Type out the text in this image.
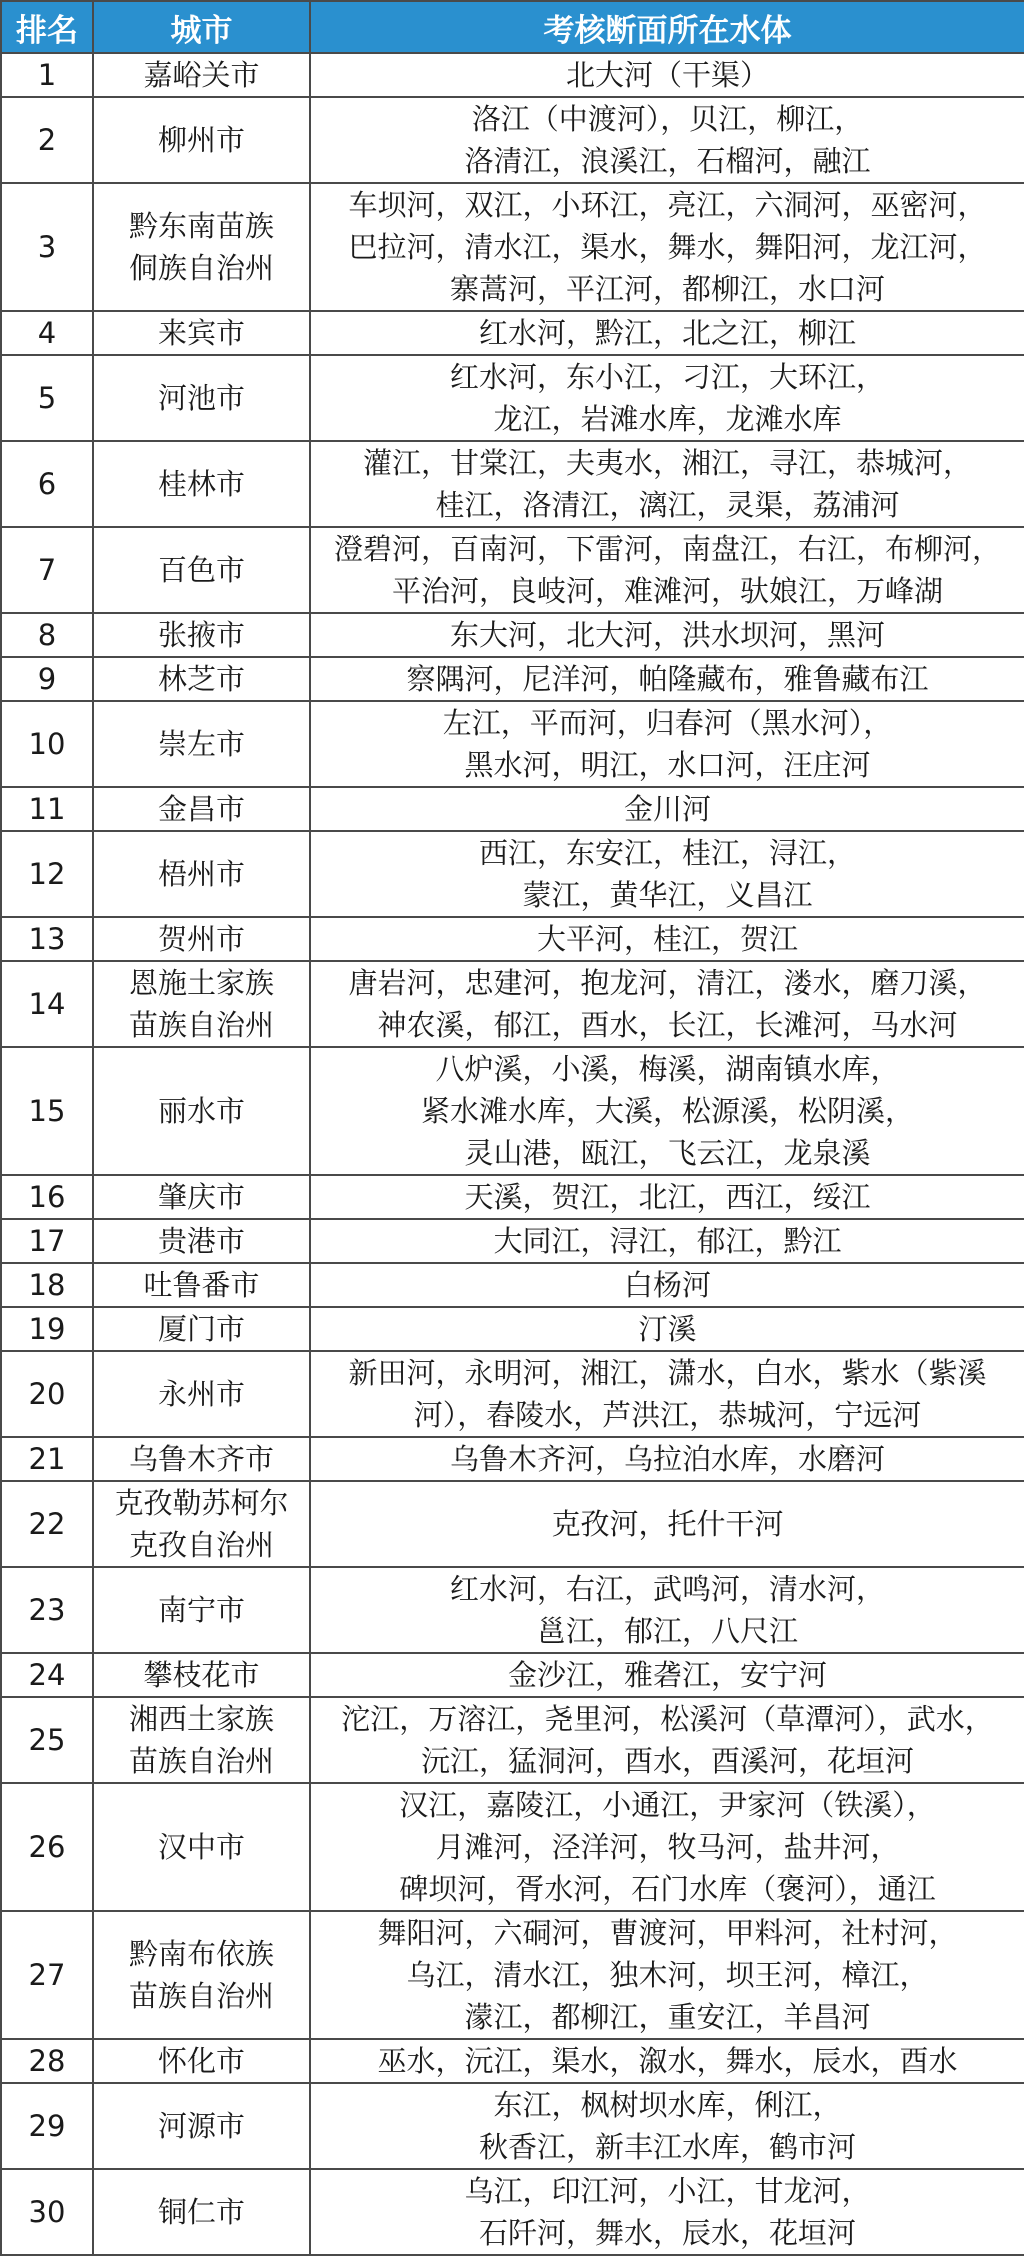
排名	城市	考核断面所在水体
1	嘉峪关市	北大河（干渠）
2	柳州市	洛江（中渡河），贝江，柳江，
洛清江，浪溪江，石榴河，融江
3	黔东南苗族
侗族自治州	车坝河，双江，小环江，亮江，六洞河，巫密河，
巴拉河，清水江，渠水，舞水，舞阳河，龙江河，
寨蒿河，平江河，都柳江，水口河
4	来宾市	红水河，黔江，北之江，柳江
5	河池市	红水河，东小江，刁江，大环江，
龙江，岩滩水库，龙滩水库
6	桂林市	灌江，甘棠江，夫夷水，湘江，寻江，恭城河，
桂江，洛清江，漓江，灵渠，荔浦河
7	百色市	澄碧河，百南河，下雷河，南盘江，右江，布柳河，
平治河，良岐河，难滩河，驮娘江，万峰湖
8	张掖市	东大河，北大河，洪水坝河，黑河
9	林芝市	察隅河，尼洋河，帕隆藏布，雅鲁藏布江
10	崇左市	左江，平而河，归春河（黑水河），
黑水河，明江，水口河，汪庄河
11	金昌市	金川河
12	梧州市	西江，东安江，桂江，浔江，
蒙江，黄华江，义昌江
13	贺州市	大平河，桂江，贺江
14	恩施土家族
苗族自治州	唐岩河，忠建河，抱龙河，清江，溇水，磨刀溪，
神农溪，郁江，酉水，长江，长滩河，马水河
15	丽水市	八炉溪，小溪，梅溪，湖南镇水库，
紧水滩水库，大溪，松源溪，松阴溪，
灵山港，瓯江，飞云江，龙泉溪
16	肇庆市	天溪，贺江，北江，西江，绥江
17	贵港市	大同江，浔江，郁江，黔江
18	吐鲁番市	白杨河
19	厦门市	汀溪
20	永州市	新田河，永明河，湘江，潇水，白水，紫水（紫溪
河），舂陵水，芦洪江，恭城河，宁远河
21	乌鲁木齐市	乌鲁木齐河，乌拉泊水库，水磨河
22	克孜勒苏柯尔
克孜自治州	克孜河，托什干河
23	南宁市	红水河，右江，武鸣河，清水河，
邕江，郁江，八尺江
24	攀枝花市	金沙江，雅砻江，安宁河
25	湘西土家族
苗族自治州	沱江，万溶江，尧里河，松溪河（草潭河），武水，
沅江，猛洞河，酉水，酉溪河，花垣河
26	汉中市	汉江，嘉陵江，小通江，尹家河（铁溪），
月滩河，泾洋河，牧马河，盐井河，
碑坝河，胥水河，石门水库（褒河），通江
27	黔南布依族
苗族自治州	舞阳河，六硐河，曹渡河，甲料河，社村河，
乌江，清水江，独木河，坝王河，樟江，
濛江，都柳江，重安江，羊昌河
28	怀化市	巫水，沅江，渠水，溆水，舞水，辰水，酉水
29	河源市	东江，枫树坝水库，俐江，
秋香江，新丰江水库，鹤市河
30	铜仁市	乌江，印江河，小江，甘龙河，
石阡河，舞水，辰水，花垣河
